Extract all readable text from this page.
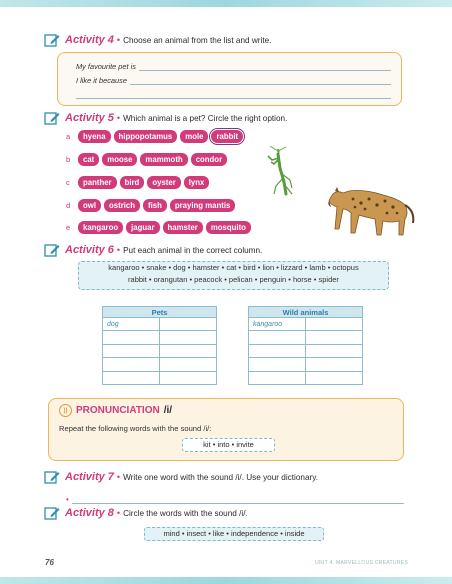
Activity 4 • Choose an animal from the list and write.
My favourite pet is
I like it because
Activity 5 • Which animal is a pet? Circle the right option.
a	hyena	hippopotamus	mole	rabbit
b	cat	moose	mammoth	condor
c	panther	bird	oyster	lynx
d	owl	ostrich	fish	praying mantis
e	kangaroo	jaguar	hamster	mosquito
Activity 6 • Put each animal in the correct column.

kangaroo • snake • dog • hamster • cat • bird • lion • lizzard • lamb • octopus

rabbit • orangutan • peacock • pelican • penguin • horse • spider

Pets	
dog	

Wild animals	
kangaroo	

)) PRONUNCIATION /i/
Repeat the following words with the sound /i/:
kit • into • invite
Activity 7 • Write one word with the sound /i/. Use your dictionary.
•
Activity 8 • Circle the words with the sound /i/.
mind • insect • like • independence • inside
76	UNIT 4. MARVELLOUS CREATURES
